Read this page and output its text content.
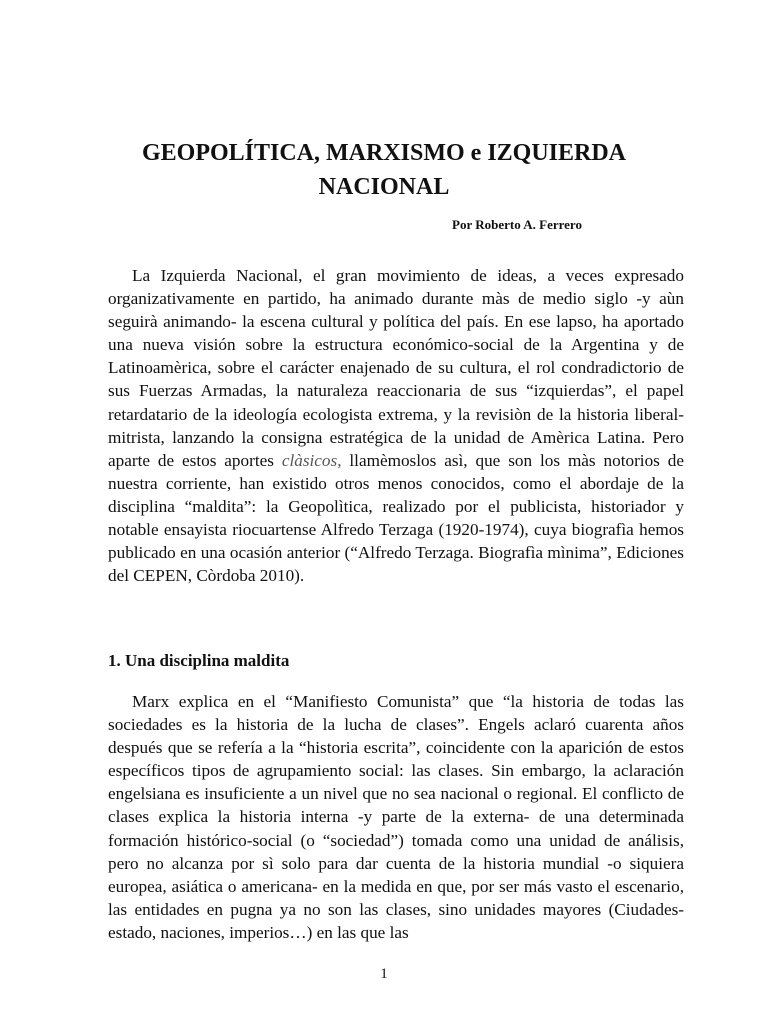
GEOPOLÍTICA, MARXISMO e IZQUIERDA NACIONAL

Por Roberto A. Ferrero

La Izquierda Nacional, el gran movimiento de ideas, a veces expresado organizativamente en partido, ha animado durante màs de medio siglo -y aùn seguirà animando- la escena cultural y política del país. En ese lapso, ha aportado una nueva visión sobre la estructura económico-social de la Argentina y de Latinoamèrica, sobre el carácter enajenado de su cultura, el rol condradictorio de sus Fuerzas Armadas, la naturaleza reaccionaria de sus “izquierdas”, el papel retardatario de la ideología ecologista extrema, y la revisiòn de la historia liberal-mitrista, lanzando la consigna estratégica de la unidad de Amèrica Latina. Pero aparte de estos aportes clàsicos, llamèmoslos asì, que son los màs notorios de nuestra corriente, han existido otros menos conocidos, como el abordaje de la disciplina “maldita”: la Geopolìtica, realizado por el publicista, historiador y notable ensayista riocuartense Alfredo Terzaga (1920-1974), cuya biografìa hemos publicado en una ocasión anterior (“Alfredo Terzaga. Biografìa mìnima”, Ediciones del CEPEN, Còrdoba 2010).

1. Una disciplina maldita

Marx explica en el “Manifiesto Comunista” que “la historia de todas las sociedades es la historia de la lucha de clases”. Engels aclaró cuarenta años después que se refería a la “historia escrita”, coincidente con la aparición de estos específicos tipos de agrupamiento social: las clases. Sin embargo, la aclaración engelsiana es insuficiente a un nivel que no sea nacional o regional. El conflicto de clases explica la historia interna -y parte de la externa- de una determinada formación histórico-social (o “sociedad”) tomada como una unidad de análisis, pero no alcanza por sì solo para dar cuenta de la historia mundial -o siquiera europea, asiática o americana- en la medida en que, por ser más vasto el escenario, las entidades en pugna ya no son las clases, sino unidades mayores (Ciudades-estado, naciones, imperios…) en las que las

1
